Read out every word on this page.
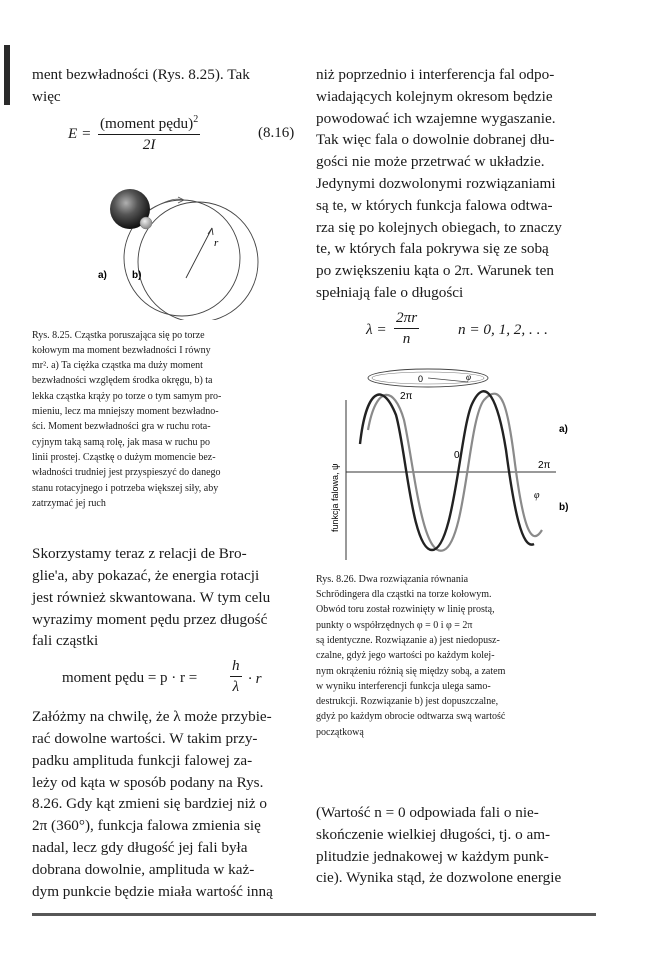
ment bezwładności (Rys. 8.25). Tak

więc

E =
(moment pędu)$^2$
2I
(8.16)
r
a)	b)

Rys. 8.25. Cząstka poruszająca się po torze

kołowym ma moment bezwładności I równy

mr². a) Ta ciężka cząstka ma duży moment

bezwładności względem środka okręgu, b) ta

lekka cząstka krąży po torze o tym samym pro-

mieniu, lecz ma mniejszy moment bezwładno-

ści. Moment bezwładności gra w ruchu rota-

cyjnym taką samą rolę, jak masa w ruchu po

linii prostej. Cząstkę o dużym momencie bez-

władności trudniej jest przyspieszyć do danego

stanu rotacyjnego i potrzeba większej siły, aby

zatrzymać jej ruch

Skorzystamy teraz z relacji de Bro-

glie'a, aby pokazać, że energia rotacji

jest również skwantowana. W tym celu

wyrazimy moment pędu przez długość

fali cząstki

moment pędu = $p \cdot r = \frac{h}{\lambda} \cdot r$

Załóżmy na chwilę, że λ może przybie-

rać dowolne wartości. W takim przy-

padku amplituda funkcji falowej za-

leży od kąta w sposób podany na Rys.

8.26. Gdy kąt zmieni się bardziej niż o

2π (360°), funkcja falowa zmienia się

nadal, lecz gdy długość jej fali była

dobrana dowolnie, amplituda w każ-

dym punkcie będzie miała wartość inną

niż poprzednio i interferencja fal odpo-

wiadających kolejnym okresom będzie

powodować ich wzajemne wygaszanie.

Tak więc fala o dowolnie dobranej dłu-

gości nie może przetrwać w układzie.

Jedynymi dozwolonymi rozwiązaniami

są te, w których funkcja falowa odtwa-

rza się po kolejnych obiegach, to znaczy

te, w których fala pokrywa się ze sobą

po zwiększeniu kąta o 2π. Warunek ten

spełniają fale o długości

$\lambda = \frac{2\pi r}{n}$	n = 0, 1, 2, . . .
0	φ
2π
funkcja falowa, ψ
0
a)
2π
φ
b)

Rys. 8.26. Dwa rozwiązania równania

Schrödingera dla cząstki na torze kołowym.

Obwód toru został rozwinięty w linię prostą,

punkty o współrzędnych φ = 0 i φ = 2π

są identyczne. Rozwiązanie a) jest niedopusz-

czalne, gdyż jego wartości po każdym kolej-

nym okrążeniu różnią się między sobą, a zatem

w wyniku interferencji funkcja ulega samo-

destrukcji. Rozwiązanie b) jest dopuszczalne,

gdyż po każdym obrocie odtwarza swą wartość

początkową

(Wartość n = 0 odpowiada fali o nie-

skończenie wielkiej długości, tj. o am-

plitudzie jednakowej w każdym punk-

cie). Wynika stąd, że dozwolone energie
